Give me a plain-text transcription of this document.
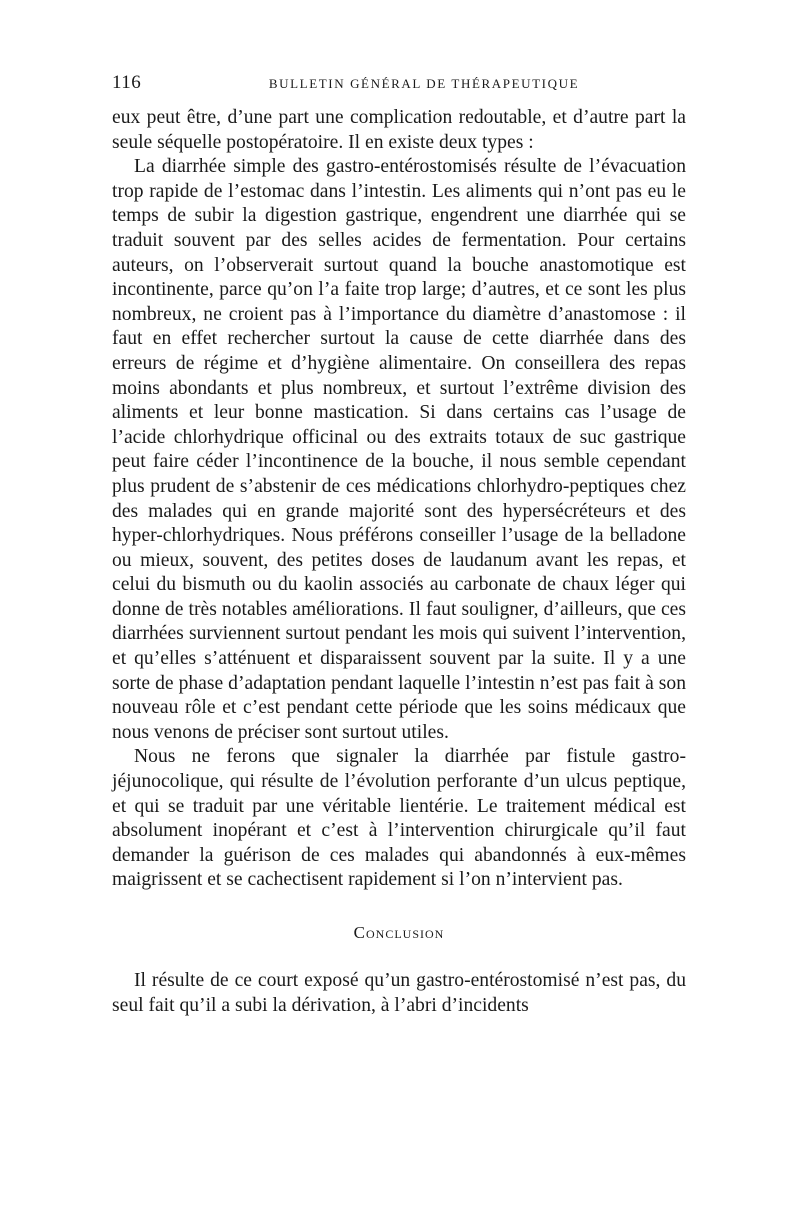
116	BULLETIN GÉNÉRAL DE THÉRAPEUTIQUE

eux peut être, d’une part une complication redoutable, et d’autre part la seule séquelle postopératoire. Il en existe deux types :

La diarrhée simple des gastro-entérostomisés résulte de l’évacuation trop rapide de l’estomac dans l’intestin. Les aliments qui n’ont pas eu le temps de subir la digestion gastrique, engendrent une diarrhée qui se traduit souvent par des selles acides de fermentation. Pour certains auteurs, on l’observerait surtout quand la bouche anastomotique est incontinente, parce qu’on l’a faite trop large; d’autres, et ce sont les plus nombreux, ne croient pas à l’importance du diamètre d’anastomose : il faut en effet rechercher surtout la cause de cette diarrhée dans des erreurs de régime et d’hygiène alimentaire. On conseillera des repas moins abondants et plus nombreux, et surtout l’extrême division des aliments et leur bonne mastication. Si dans certains cas l’usage de l’acide chlorhydrique officinal ou des extraits totaux de suc gastrique peut faire céder l’incontinence de la bouche, il nous semble cependant plus prudent de s’abstenir de ces médications chlorhydro-peptiques chez des malades qui en grande majorité sont des hypersécréteurs et des hyper-chlorhydriques. Nous préférons conseiller l’usage de la belladone ou mieux, souvent, des petites doses de laudanum avant les repas, et celui du bismuth ou du kaolin associés au carbonate de chaux léger qui donne de très notables améliorations. Il faut souligner, d’ailleurs, que ces diarrhées surviennent surtout pendant les mois qui suivent l’intervention, et qu’elles s’atténuent et disparaissent souvent par la suite. Il y a une sorte de phase d’adaptation pendant laquelle l’intestin n’est pas fait à son nouveau rôle et c’est pendant cette période que les soins médicaux que nous venons de préciser sont surtout utiles.

Nous ne ferons que signaler la diarrhée par fistule gastro-jéjunocolique, qui résulte de l’évolution perforante d’un ulcus peptique, et qui se traduit par une véritable lientérie. Le traitement médical est absolument inopérant et c’est à l’intervention chirurgicale qu’il faut demander la guérison de ces malades qui abandonnés à eux-mêmes maigrissent et se cachectisent rapidement si l’on n’intervient pas.

Conclusion

Il résulte de ce court exposé qu’un gastro-entérostomisé n’est pas, du seul fait qu’il a subi la dérivation, à l’abri d’incidents
